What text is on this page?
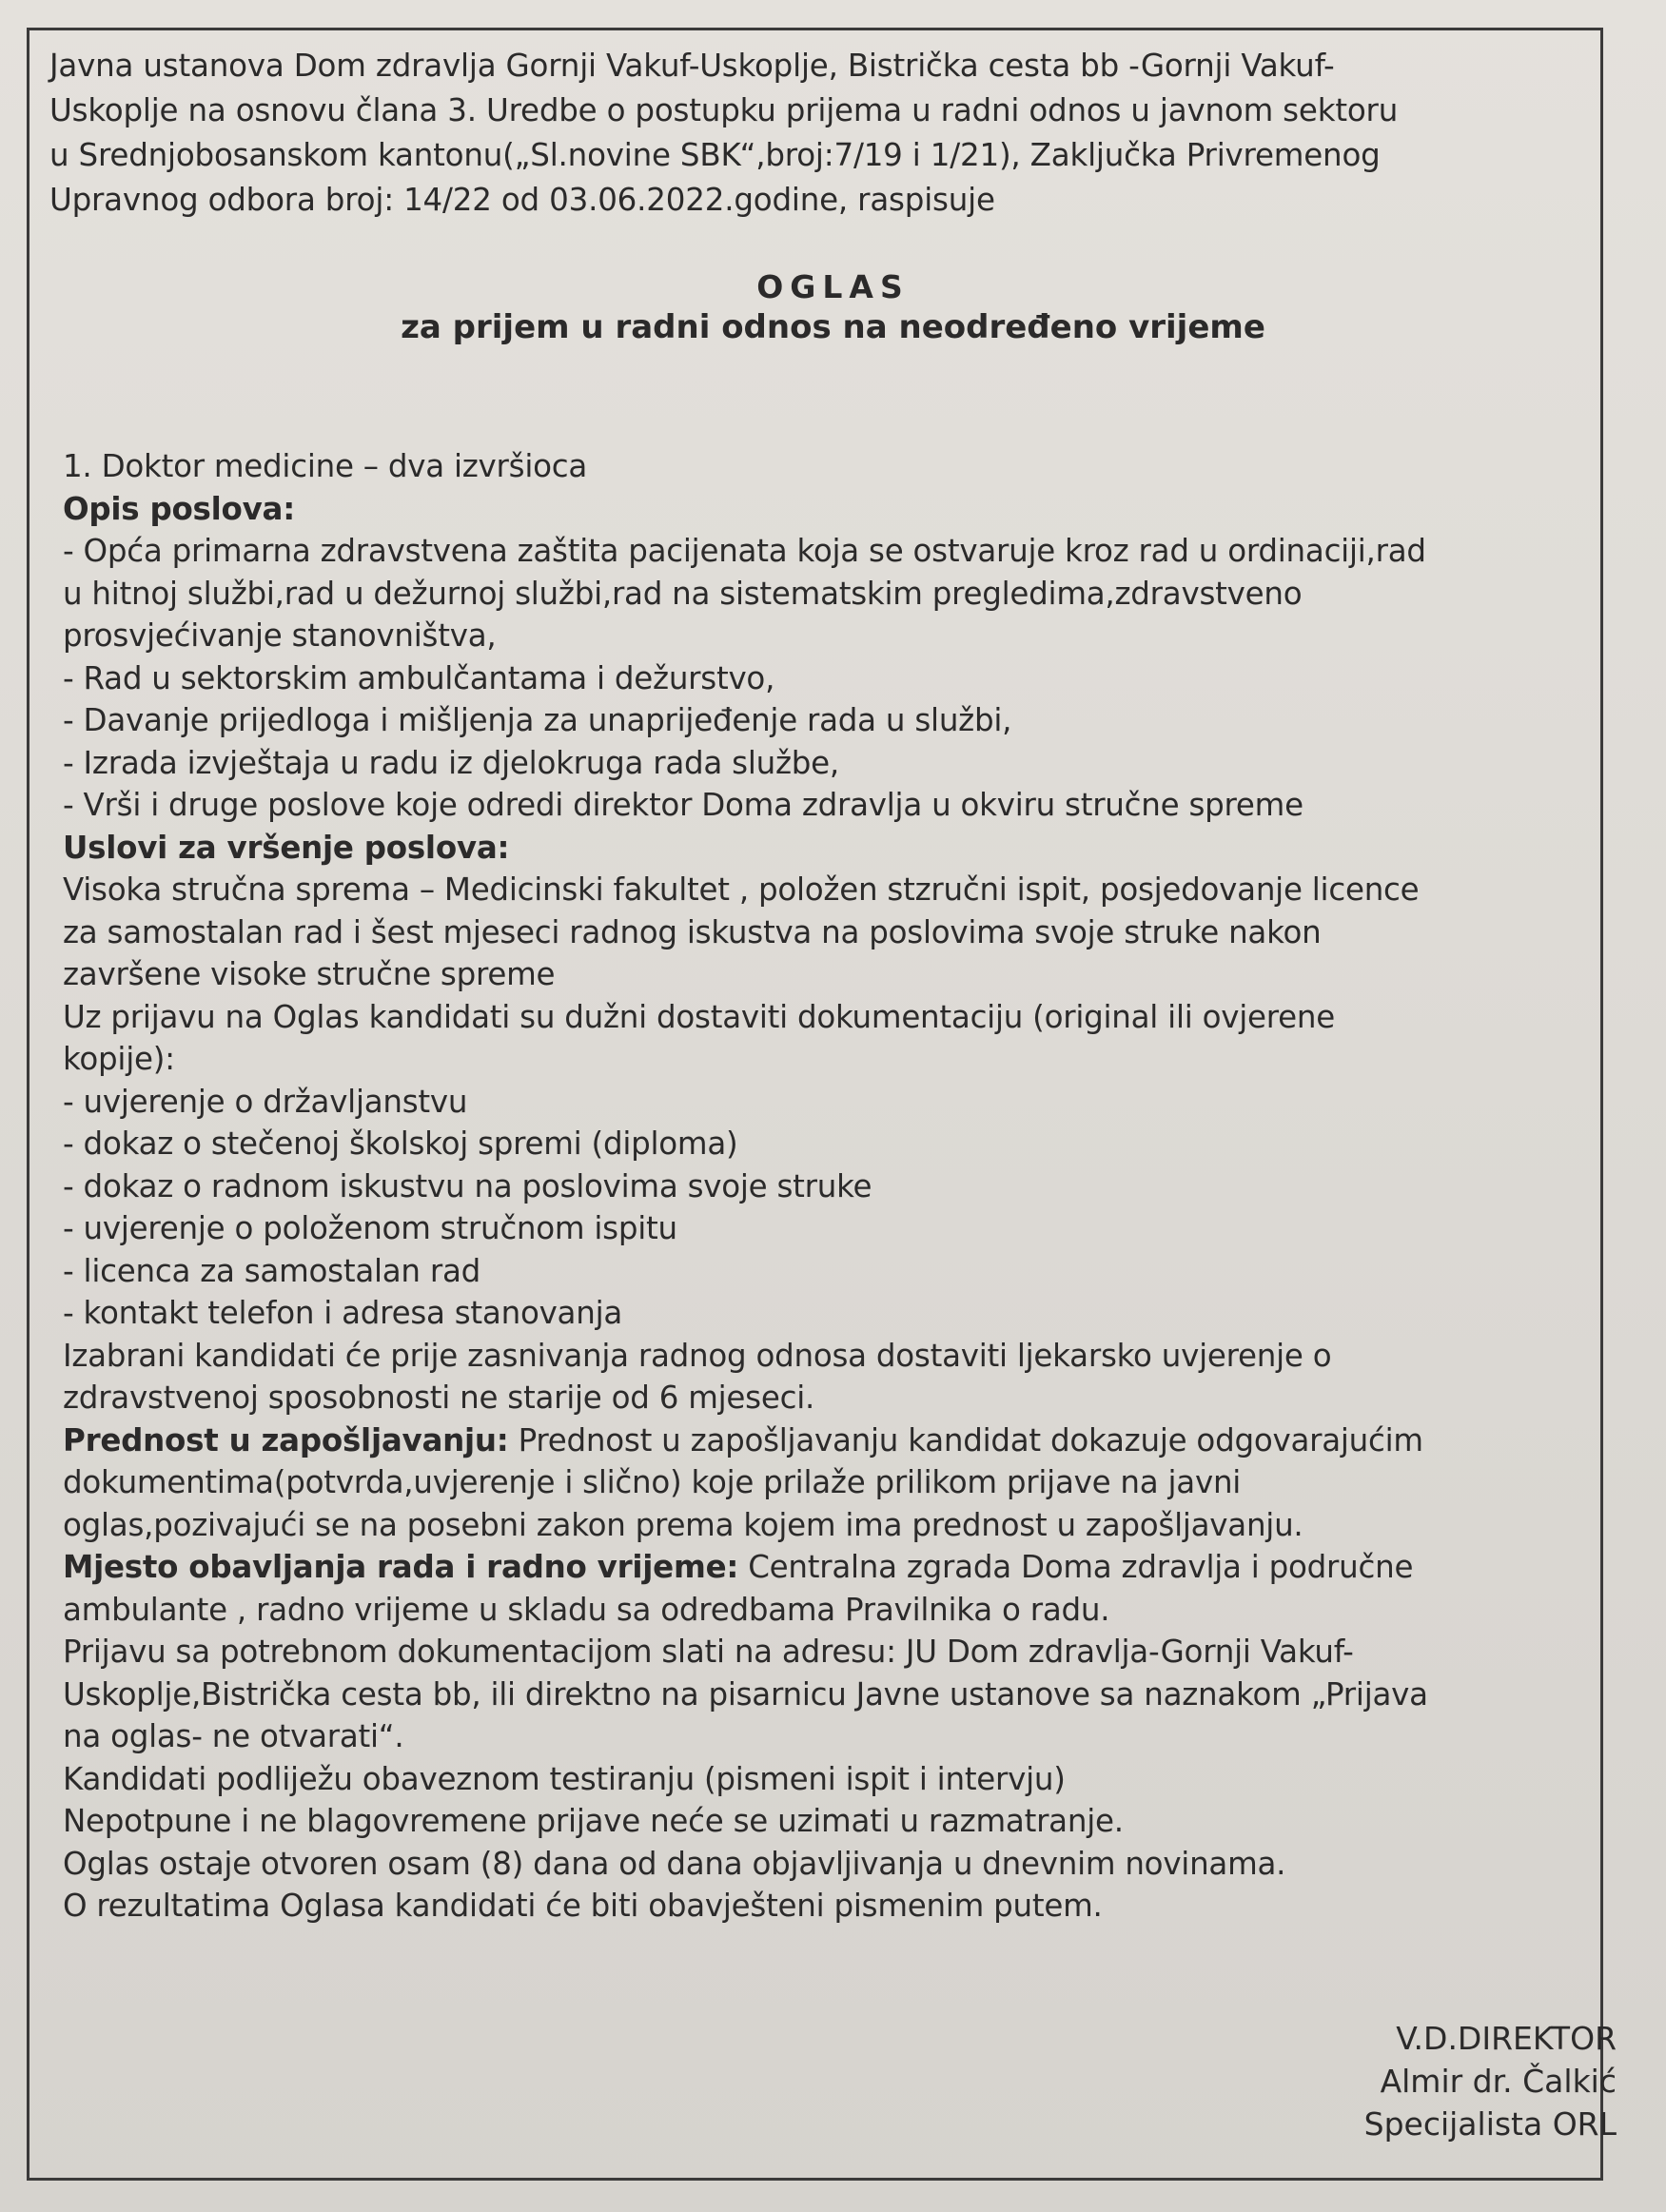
Javna ustanova Dom zdravlja Gornji Vakuf-Uskoplje, Bistrička cesta bb -Gornji Vakuf-
Uskoplje na osnovu člana 3. Uredbe o postupku prijema u radni odnos u javnom sektoru
u Srednjobosanskom kantonu(„Sl.novine SBK“,broj:7/19 i 1/21), Zaključka Privremenog
Upravnog odbora broj: 14/22 od 03.06.2022.godine, raspisuje
OGLAS
za prijem u radni odnos na neodređeno vrijeme
1. Doktor medicine – dva izvršioca
Opis poslova:
- Opća primarna zdravstvena zaštita pacijenata koja se ostvaruje kroz rad u ordinaciji,rad
u hitnoj službi,rad u dežurnoj službi,rad na sistematskim pregledima,zdravstveno
prosvjećivanje stanovništva,
- Rad u sektorskim ambulčantama i dežurstvo,
- Davanje prijedloga i mišljenja za unaprijeđenje rada u službi,
- Izrada izvještaja u radu iz djelokruga rada službe,
- Vrši i druge poslove koje odredi direktor Doma zdravlja u okviru stručne spreme
Uslovi za vršenje poslova:
Visoka stručna sprema – Medicinski fakultet , položen stzručni ispit, posjedovanje licence
za samostalan rad i šest mjeseci radnog iskustva na poslovima svoje struke nakon
završene visoke stručne spreme
Uz prijavu na Oglas kandidati su dužni dostaviti dokumentaciju (original ili ovjerene
kopije):
- uvjerenje o državljanstvu
- dokaz o stečenoj školskoj spremi (diploma)
- dokaz o radnom iskustvu na poslovima svoje struke
- uvjerenje o položenom stručnom ispitu
- licenca za samostalan rad
- kontakt telefon i adresa stanovanja
Izabrani kandidati će prije zasnivanja radnog odnosa dostaviti ljekarsko uvjerenje o
zdravstvenoj sposobnosti ne starije od 6 mjeseci.
Prednost u zapošljavanju: Prednost u zapošljavanju kandidat dokazuje odgovarajućim
dokumentima(potvrda,uvjerenje i slično) koje prilaže prilikom prijave na javni
oglas,pozivajući se na posebni zakon prema kojem ima prednost u zapošljavanju.
Mjesto obavljanja rada i radno vrijeme: Centralna zgrada Doma zdravlja i područne
ambulante , radno vrijeme u skladu sa odredbama Pravilnika o radu.
Prijavu sa potrebnom dokumentacijom slati na adresu: JU Dom zdravlja-Gornji Vakuf-
Uskoplje,Bistrička cesta bb, ili direktno na pisarnicu Javne ustanove sa naznakom „Prijava
na oglas- ne otvarati“.
Kandidati podliježu obaveznom testiranju (pismeni ispit i intervju)
Nepotpune i ne blagovremene prijave neće se uzimati u razmatranje.
Oglas ostaje otvoren osam (8) dana od dana objavljivanja u dnevnim novinama.
O rezultatima Oglasa kandidati će biti obavješteni pismenim putem.
V.D.DIREKTOR
Almir dr. Čalkić
Specijalista ORL
